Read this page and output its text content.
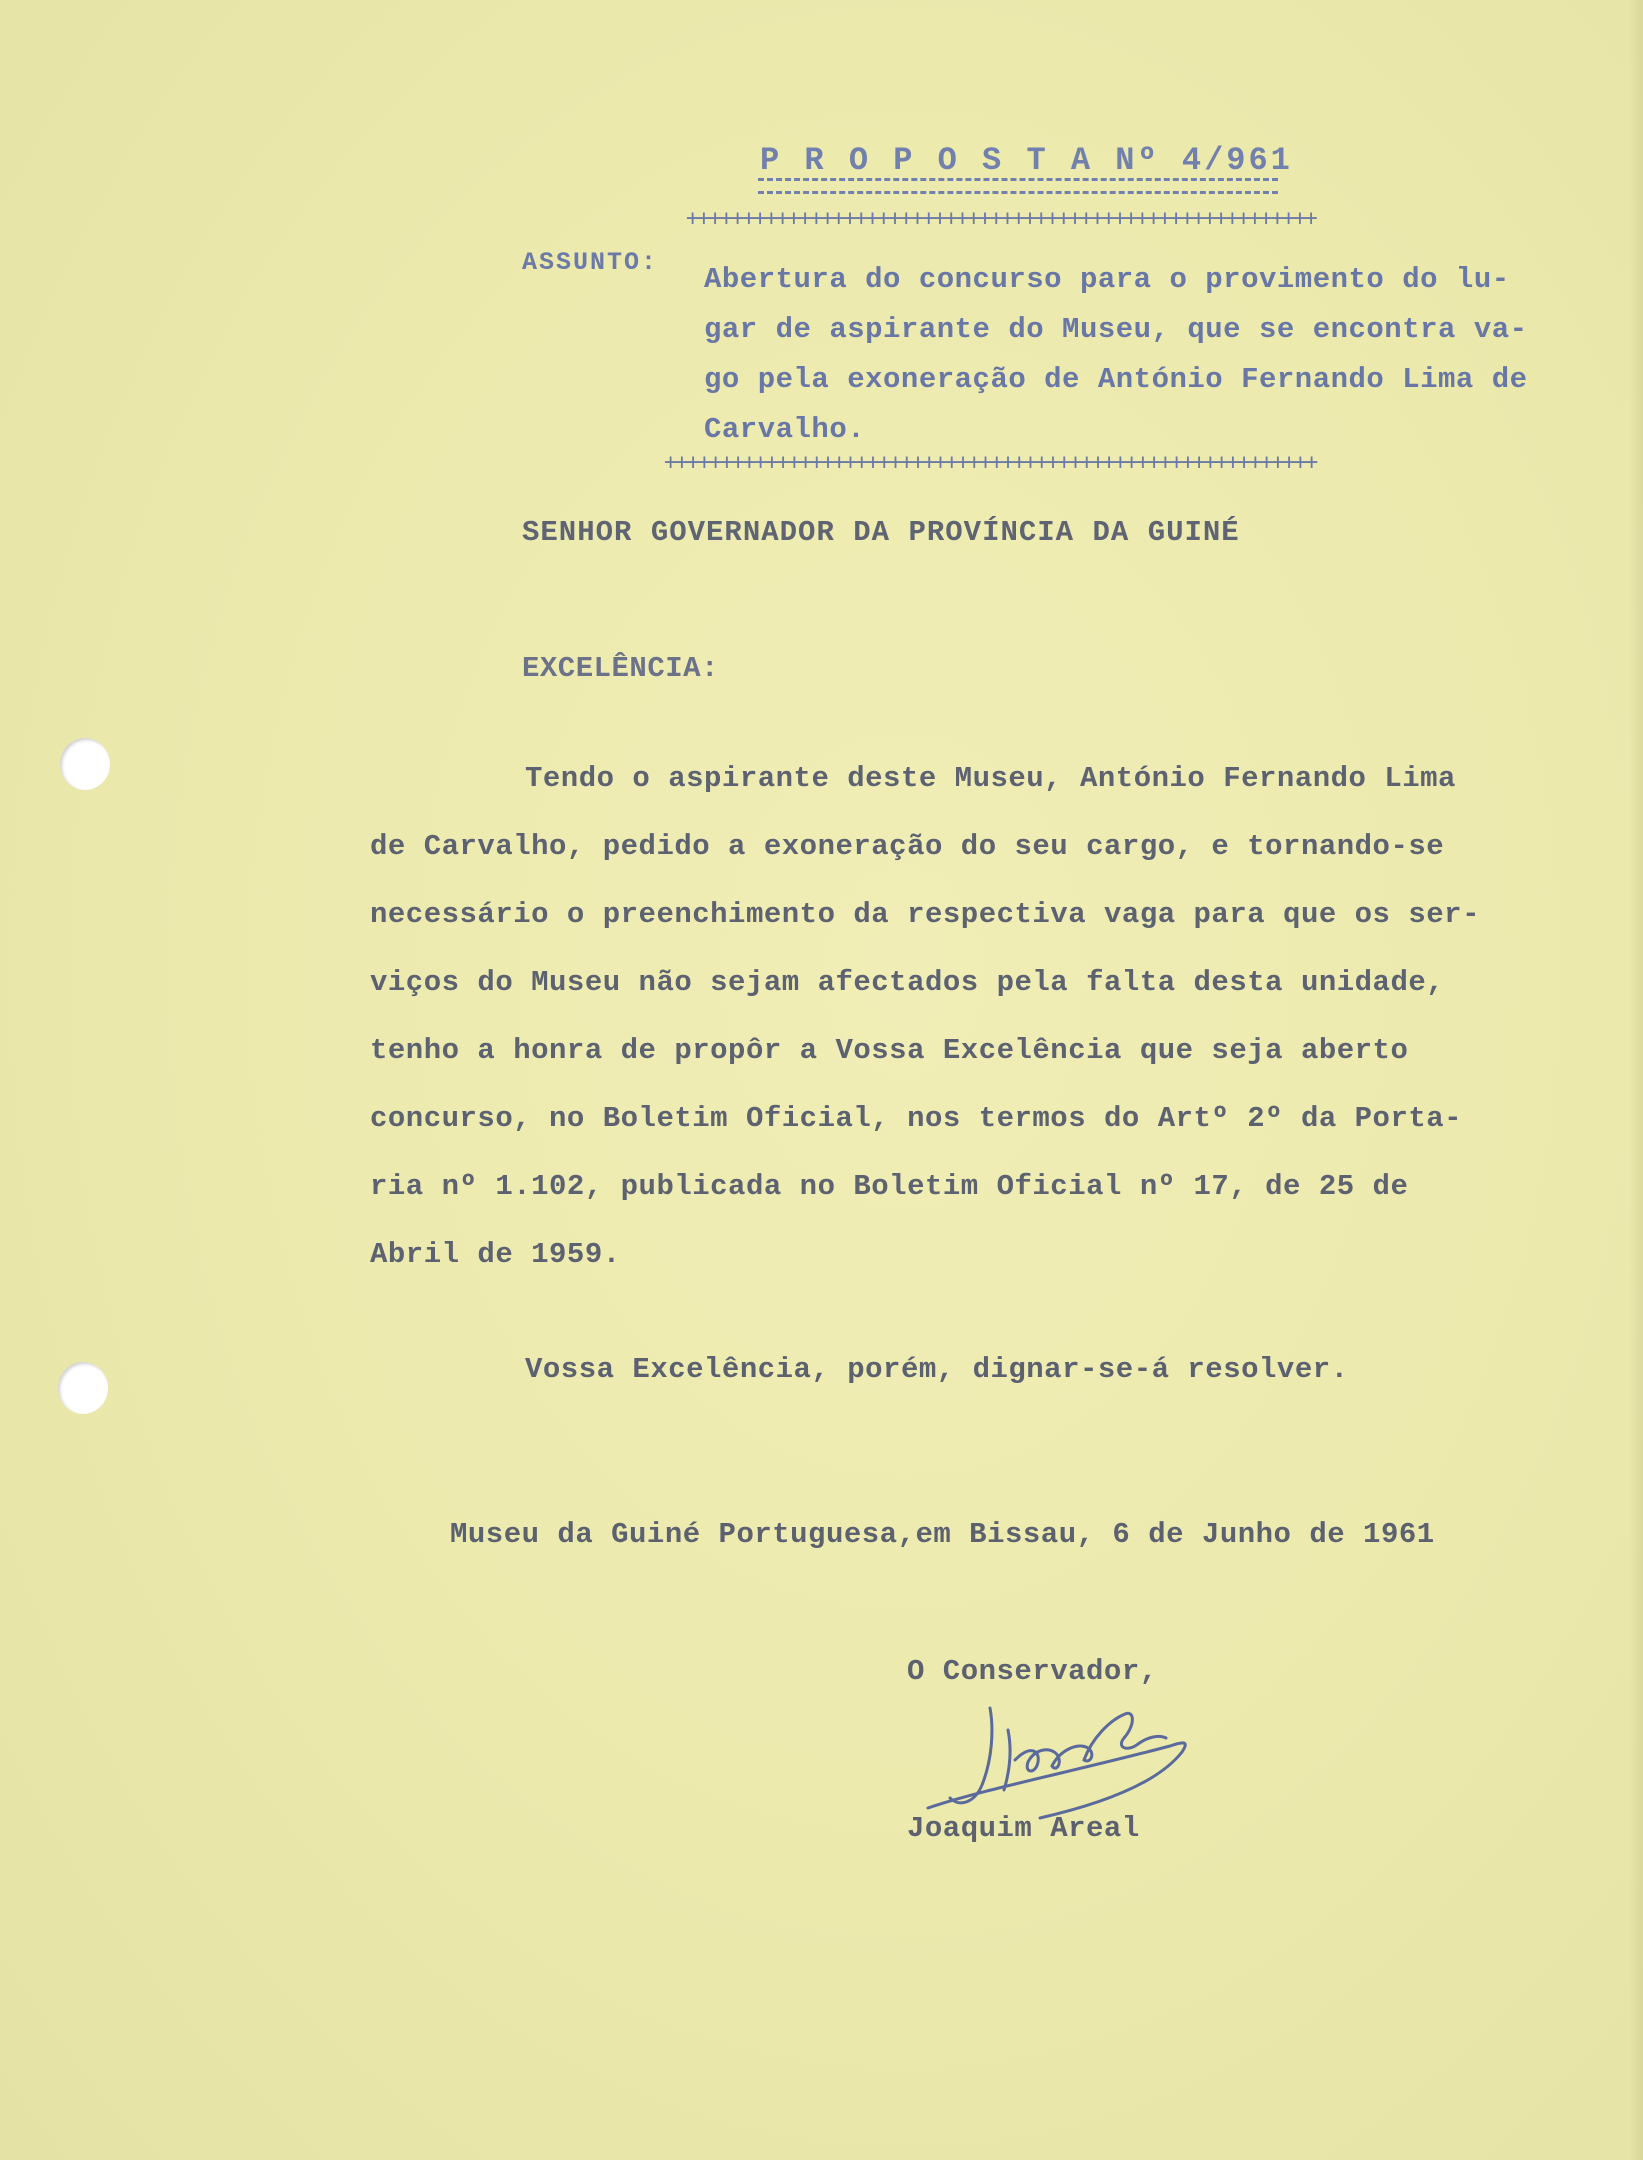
P R O P O S T A Nº 4/961
++++++++++++++++++++++++++++++++++++++++++++++++++++++++
ASSUNTO:
Abertura do concurso para o provimento do lu-
gar de aspirante do Museu, que se encontra va-
go pela exoneração de António Fernando Lima de
Carvalho.
++++++++++++++++++++++++++++++++++++++++++++++++++++++++++
SENHOR GOVERNADOR DA PROVÍNCIA DA GUINÉ
EXCELÊNCIA:
Tendo o aspirante deste Museu, António Fernando Lima
de Carvalho, pedido a exoneração do seu cargo, e tornando-se
necessário o preenchimento da respectiva vaga para que os ser-
viços do Museu não sejam afectados pela falta desta unidade,
tenho a honra de propôr a Vossa Excelência que seja aberto
concurso, no Boletim Oficial, nos termos do Artº 2º da Porta-
ria nº 1.102, publicada no Boletim Oficial nº 17, de 25 de
Abril de 1959.
Vossa Excelência, porém, dignar-se-á resolver.
Museu da Guiné Portuguesa,em Bissau, 6 de Junho de 1961
O Conservador,
Joaquim Areal
